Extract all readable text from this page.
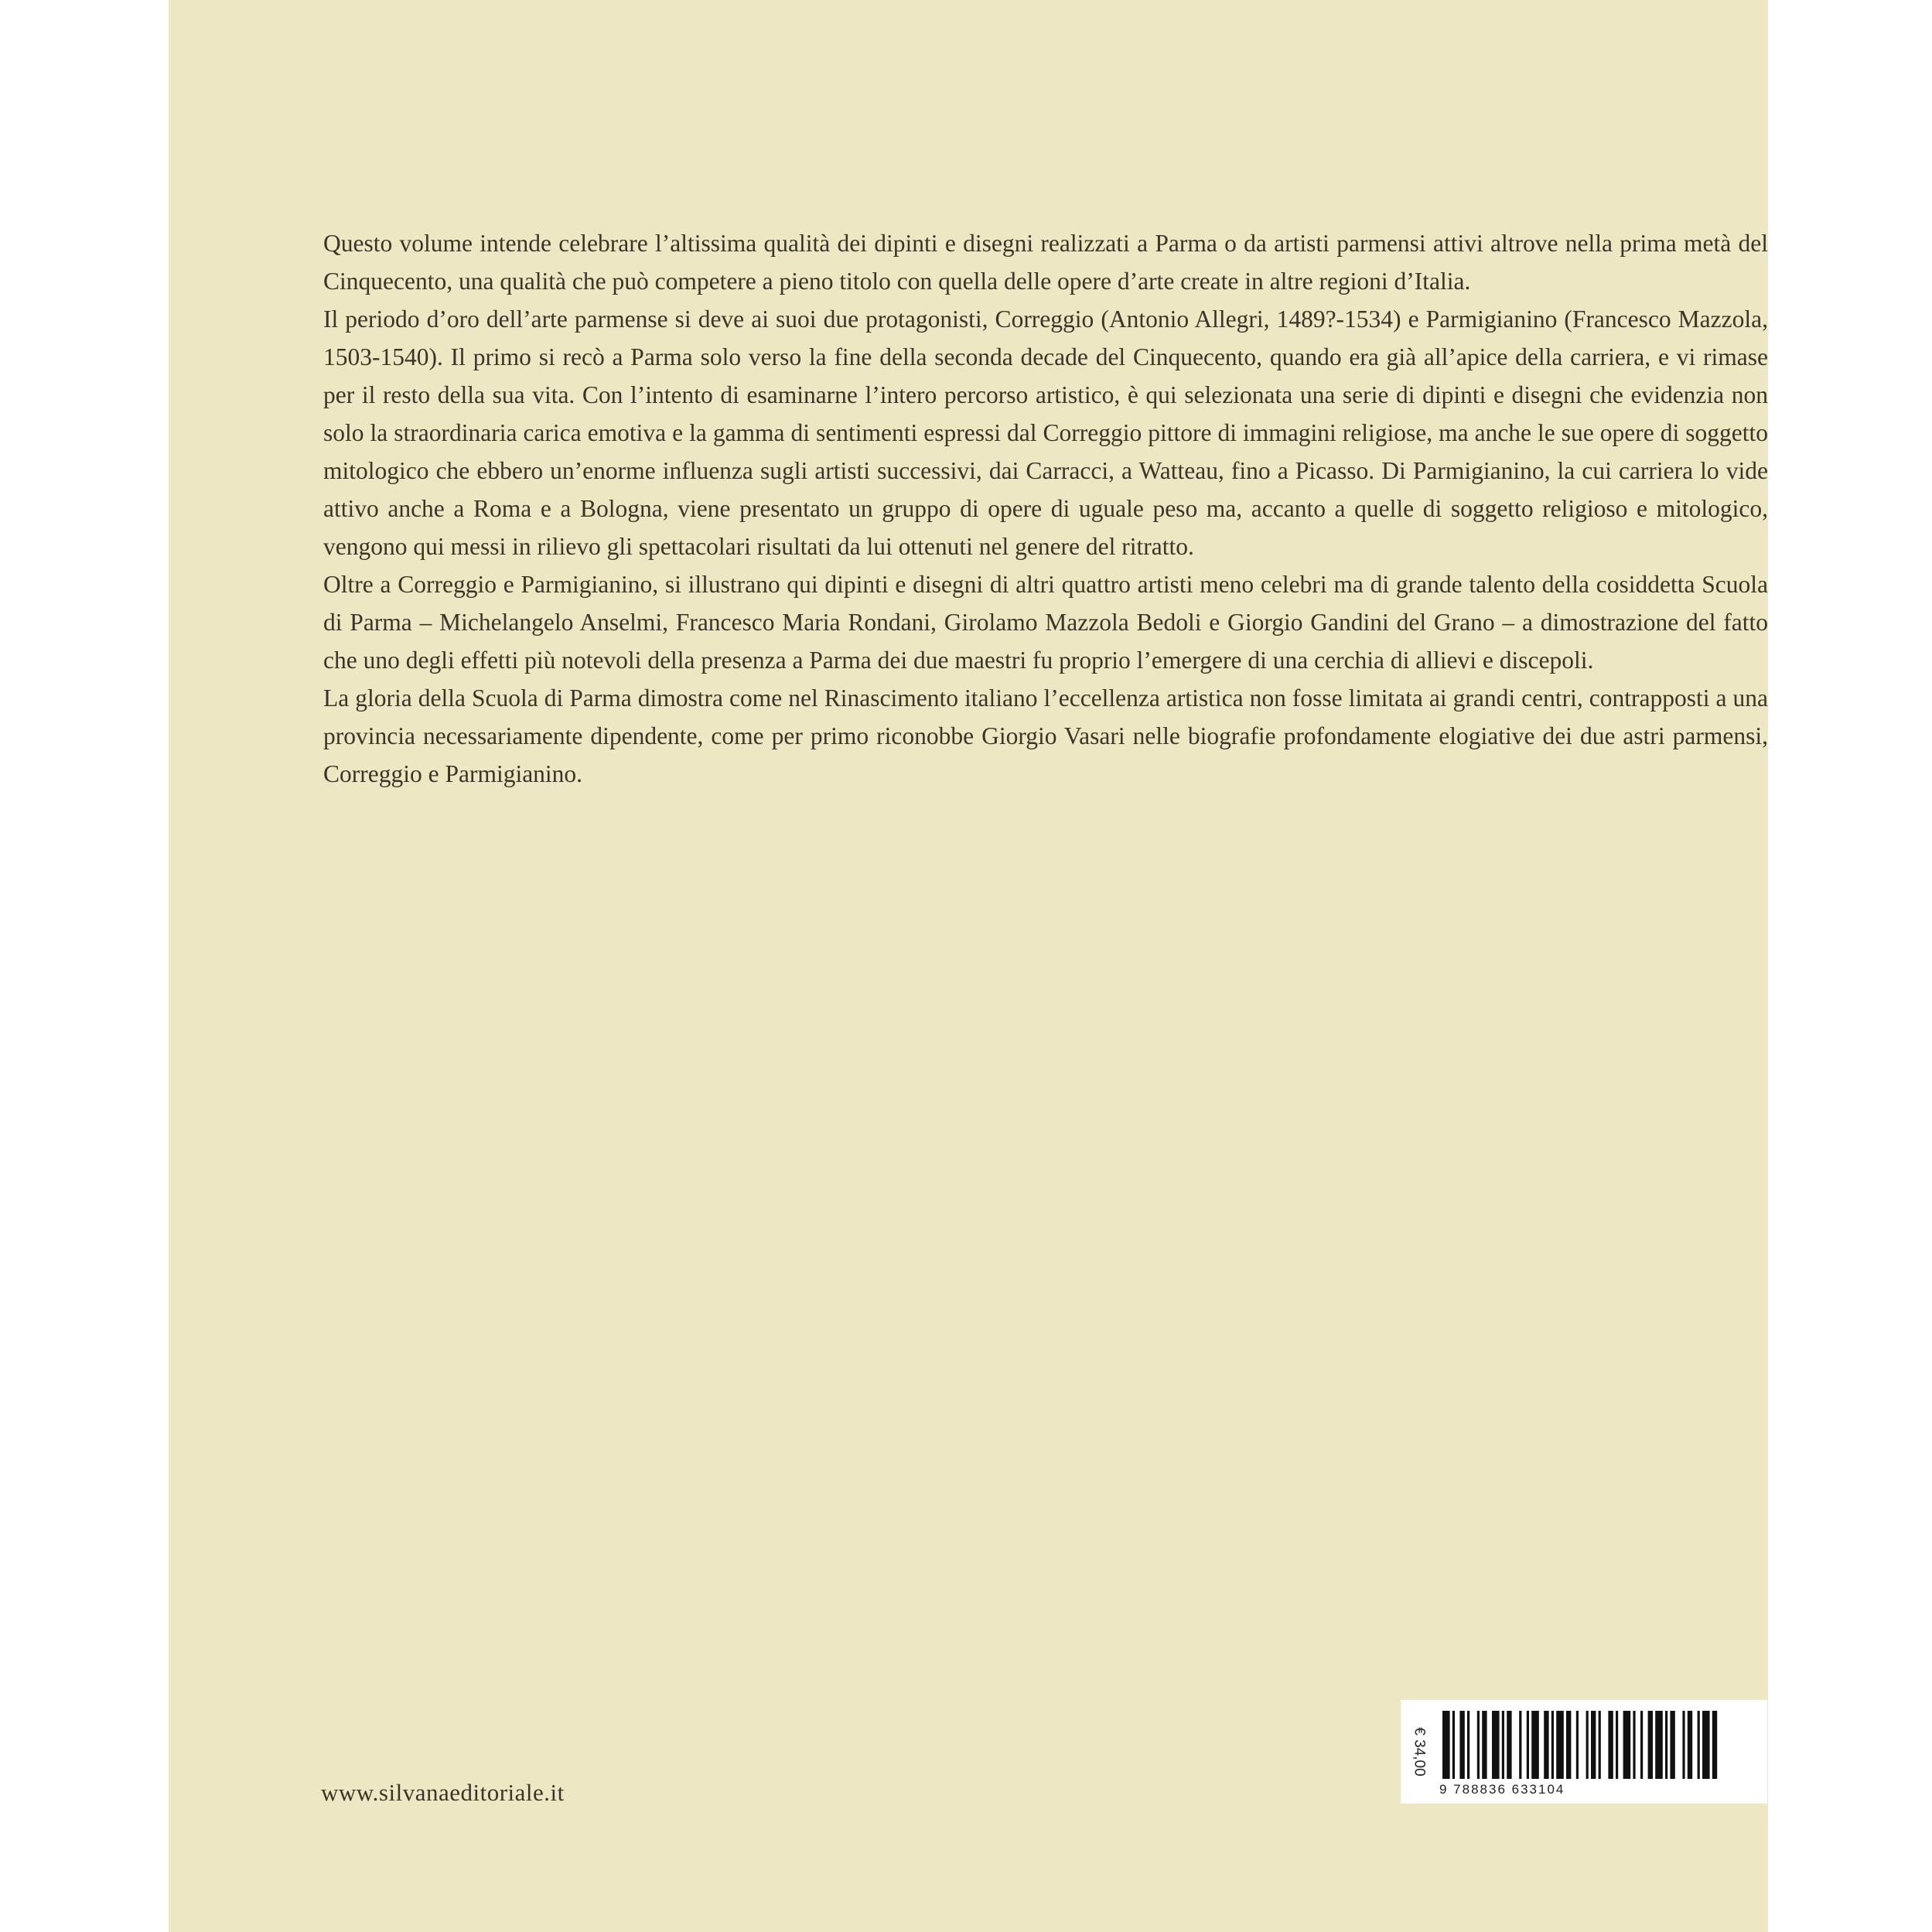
Questo volume intende celebrare l’altissima qualità dei dipinti e disegni realizzati a Parma o da artisti parmensi attivi altrove nella prima metà del Cinquecento, una qualità che può competere a pieno titolo con quella delle opere d’arte create in altre regioni d’Italia.

Il periodo d’oro dell’arte parmense si deve ai suoi due protagonisti, Correggio (Antonio Allegri, 1489?-1534) e Parmigianino (Francesco Mazzola, 1503-1540). Il primo si recò a Parma solo verso la fine della seconda decade del Cinquecento, quando era già all’apice della carriera, e vi rimase per il resto della sua vita. Con l’intento di esaminarne l’intero percorso artistico, è qui selezionata una serie di dipinti e disegni che evidenzia non solo la straordinaria carica emotiva e la gamma di sentimenti espressi dal Correggio pittore di immagini religiose, ma anche le sue opere di soggetto mitologico che ebbero un’enorme influenza sugli artisti successivi, dai Carracci, a Watteau, fino a Picasso. Di Parmigianino, la cui carriera lo vide attivo anche a Roma e a Bologna, viene presentato un gruppo di opere di uguale peso ma, accanto a quelle di soggetto religioso e mitologico, vengono qui messi in rilievo gli spettacolari risultati da lui ottenuti nel genere del ritratto.

Oltre a Correggio e Parmigianino, si illustrano qui dipinti e disegni di altri quattro artisti meno celebri ma di grande talento della cosiddetta Scuola di Parma – Michelangelo Anselmi, Francesco Maria Rondani, Girolamo Mazzola Bedoli e Giorgio Gandini del Grano – a dimostrazione del fatto che uno degli effetti più notevoli della presenza a Parma dei due maestri fu proprio l’emergere di una cerchia di allievi e discepoli.

La gloria della Scuola di Parma dimostra come nel Rinascimento italiano l’eccellenza artistica non fosse limitata ai grandi centri, contrapposti a una provincia necessariamente dipendente, come per primo riconobbe Giorgio Vasari nelle biografie profondamente elogiative dei due astri parmensi, Correggio e Parmigianino.

www.silvanaeditoriale.it
€ 34,00
9 788836 633104
